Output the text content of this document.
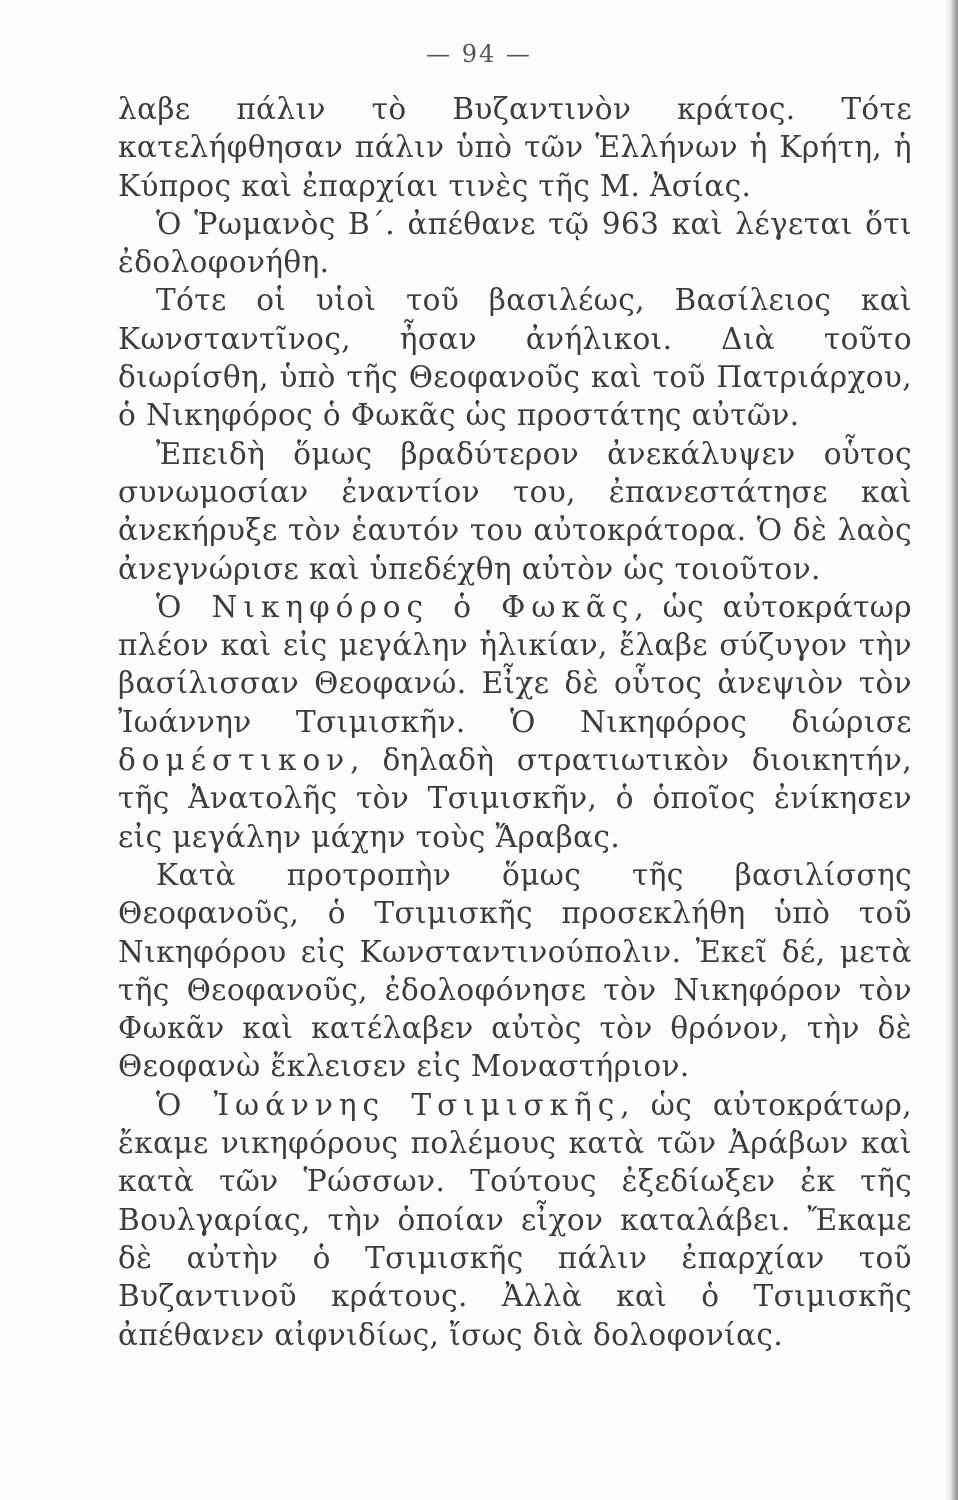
— 94 —

λαβε πάλιν τὸ Βυζαντινὸν κράτος. Τότε κατελήφθησαν πάλιν ὑπὸ τῶν Ἑλλήνων ἡ Κρήτη, ἡ Κύπρος καὶ ἐπαρχίαι τινὲς τῆς Μ. Ἀσίας.

Ὁ Ῥωμανὸς Β΄. ἀπέθανε τῷ 963 καὶ λέγεται ὅτι ἐδολοφονήθη.

Τότε οἱ υἱοὶ τοῦ βασιλέως, Βασίλειος καὶ Κωνσταντῖνος, ἦσαν ἀνήλικοι. Διὰ τοῦτο διωρίσθη, ὑπὸ τῆς Θεοφανοῦς καὶ τοῦ Πατριάρχου, ὁ Νικηφόρος ὁ Φωκᾶς ὡς προστάτης αὐτῶν.

Ἐπειδὴ ὅμως βραδύτερον ἀνεκάλυψεν οὗτος συνωμοσίαν ἐναντίον του, ἐπανεστάτησε καὶ ἀνεκήρυξε τὸν ἑαυτόν του αὐτοκράτορα. Ὁ δὲ λαὸς ἀνεγνώρισε καὶ ὑπεδέχθη αὐτὸν ὡς τοιοῦτον.

Ὁ Νικηφόρος ὁ Φωκᾶς, ὡς αὐτοκράτωρ πλέον καὶ εἰς μεγάλην ἡλικίαν, ἔλαβε σύζυγον τὴν βασίλισσαν Θεοφανώ. Εἶχε δὲ οὗτος ἀνεψιὸν τὸν Ἰωάννην Τσιμισκῆν. Ὁ Νικηφόρος διώρισε δομέστικον, δηλαδὴ στρατιωτικὸν διοικητήν, τῆς Ἀνατολῆς τὸν Τσιμισκῆν, ὁ ὁποῖος ἐνίκησεν εἰς μεγάλην μάχην τοὺς Ἄραβας.

Κατὰ προτροπὴν ὅμως τῆς βασιλίσσης Θεοφανοῦς, ὁ Τσιμισκῆς προσεκλήθη ὑπὸ τοῦ Νικηφόρου εἰς Κωνσταντινούπολιν. Ἐκεῖ δέ, μετὰ τῆς Θεοφανοῦς, ἐδολοφόνησε τὸν Νικηφόρον τὸν Φωκᾶν καὶ κατέλαβεν αὐτὸς τὸν θρόνον, τὴν δὲ Θεοφανὼ ἔκλεισεν εἰς Μοναστήριον.

Ὁ Ἰωάννης Τσιμισκῆς, ὡς αὐτοκράτωρ, ἔκαμε νικηφόρους πολέμους κατὰ τῶν Ἀράβων καὶ κατὰ τῶν Ῥώσσων. Τούτους ἐξεδίωξεν ἐκ τῆς Βουλγαρίας, τὴν ὁποίαν εἶχον καταλάβει. Ἔκαμε δὲ αὐτὴν ὁ Τσιμισκῆς πάλιν ἐπαρχίαν τοῦ Βυζαντινοῦ κράτους. Ἀλλὰ καὶ ὁ Τσιμισκῆς ἀπέθανεν αἰφνιδίως, ἴσως διὰ δολοφονίας.
